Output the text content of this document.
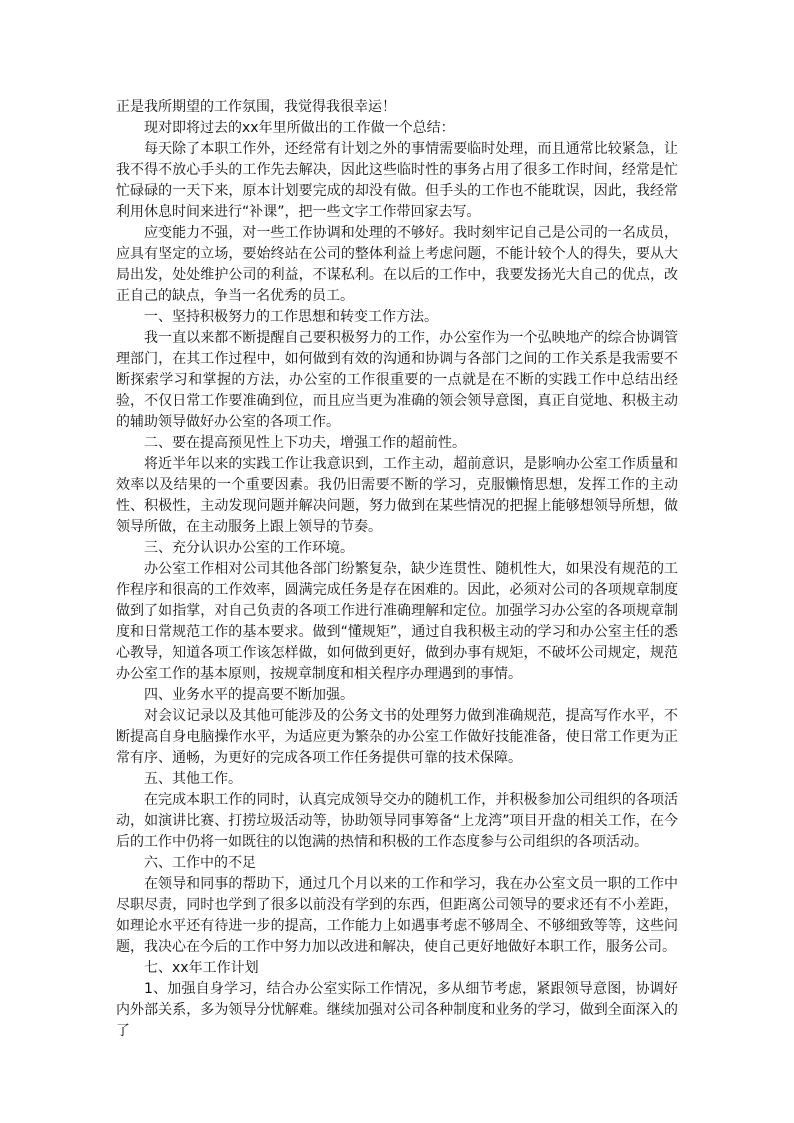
正是我所期望的工作氛围，我觉得我很幸运！

现对即将过去的xx年里所做出的工作做一个总结：

每天除了本职工作外，还经常有计划之外的事情需要临时处理，而且通常比较紧急，让我不得不放心手头的工作先去解决，因此这些临时性的事务占用了很多工作时间，经常是忙忙碌碌的一天下来，原本计划要完成的却没有做。但手头的工作也不能耽误，因此，我经常利用休息时间来进行“补课”，把一些文字工作带回家去写。

应变能力不强，对一些工作协调和处理的不够好。我时刻牢记自己是公司的一名成员，应具有坚定的立场，要始终站在公司的整体利益上考虑问题，不能计较个人的得失，要从大局出发，处处维护公司的利益，不谋私利。在以后的工作中，我要发扬光大自己的优点，改正自己的缺点，争当一名优秀的员工。

一、坚持积极努力的工作思想和转变工作方法。

我一直以来都不断提醒自己要积极努力的工作，办公室作为一个弘映地产的综合协调管理部门，在其工作过程中，如何做到有效的沟通和协调与各部门之间的工作关系是我需要不断探索学习和掌握的方法，办公室的工作很重要的一点就是在不断的实践工作中总结出经验，不仅日常工作要准确到位，而且应当更为准确的领会领导意图，真正自觉地、积极主动的辅助领导做好办公室的各项工作。

二、要在提高预见性上下功夫，增强工作的超前性。

将近半年以来的实践工作让我意识到，工作主动，超前意识，是影响办公室工作质量和效率以及结果的一个重要因素。我仍旧需要不断的学习，克服懒惰思想，发挥工作的主动性、积极性，主动发现问题并解决问题，努力做到在某些情况的把握上能够想领导所想，做领导所做，在主动服务上跟上领导的节奏。

三、充分认识办公室的工作环境。

办公室工作相对公司其他各部门纷繁复杂，缺少连贯性、随机性大，如果没有规范的工作程序和很高的工作效率，圆满完成任务是存在困难的。因此，必须对公司的各项规章制度做到了如指掌，对自己负责的各项工作进行准确理解和定位。加强学习办公室的各项规章制度和日常规范工作的基本要求。做到“懂规矩”，通过自我积极主动的学习和办公室主任的悉心教导，知道各项工作该怎样做，如何做到更好，做到办事有规矩，不破坏公司规定，规范办公室工作的基本原则，按规章制度和相关程序办理遇到的事情。

四、业务水平的提高要不断加强。

对会议记录以及其他可能涉及的公务文书的处理努力做到准确规范，提高写作水平，不断提高自身电脑操作水平，为适应更为繁杂的办公室工作做好技能准备，使日常工作更为正常有序、通畅，为更好的完成各项工作任务提供可靠的技术保障。

五、其他工作。

在完成本职工作的同时，认真完成领导交办的随机工作，并积极参加公司组织的各项活动，如演讲比赛、打捞垃圾活动等，协助领导同事筹备“上龙湾”项目开盘的相关工作，在今后的工作中仍将一如既往的以饱满的热情和积极的工作态度参与公司组织的各项活动。

六、工作中的不足

在领导和同事的帮助下，通过几个月以来的工作和学习，我在办公室文员一职的工作中尽职尽责，同时也学到了很多以前没有学到的东西，但距离公司领导的要求还有不小差距，如理论水平还有待进一步的提高，工作能力上如遇事考虑不够周全、不够细致等等，这些问题，我决心在今后的工作中努力加以改进和解决，使自己更好地做好本职工作，服务公司。

七、xx年工作计划

1、加强自身学习，结合办公室实际工作情况，多从细节考虑，紧跟领导意图，协调好内外部关系，多为领导分忧解难。继续加强对公司各种制度和业务的学习，做到全面深入的了
